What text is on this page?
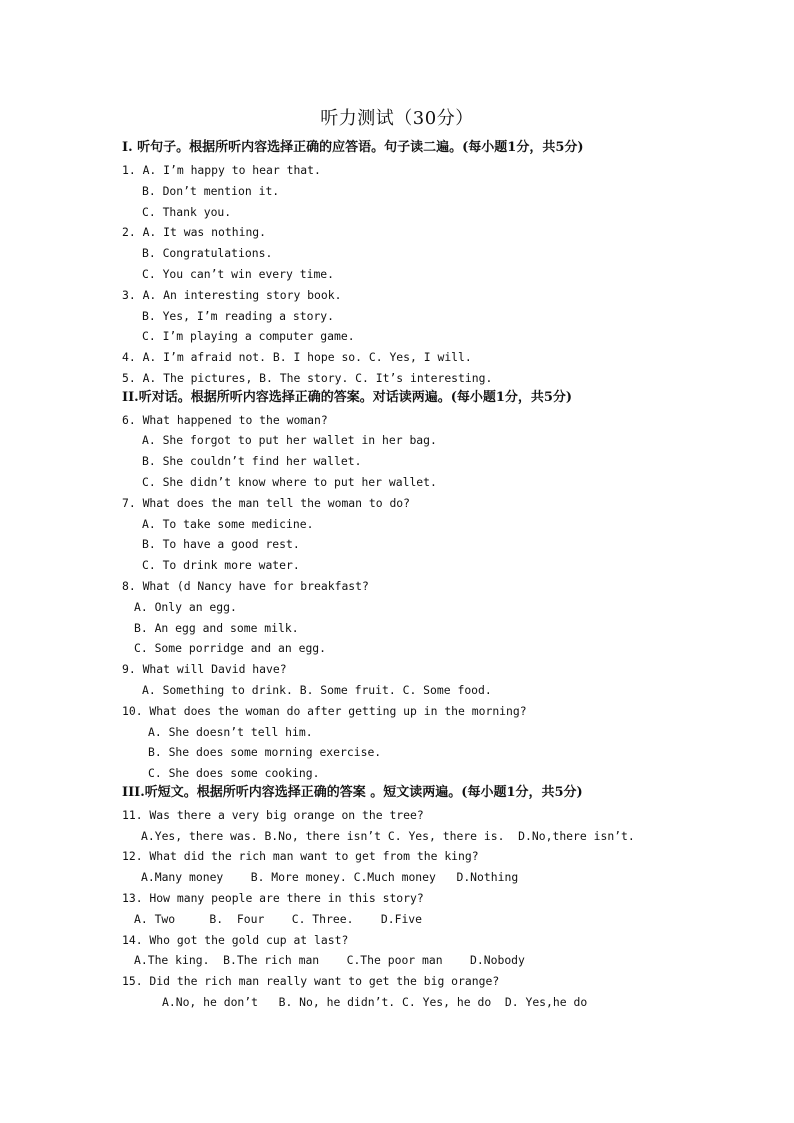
听力测试（30分）
I. 听句子。根据所听内容选择正确的应答语。句子读二遍。(每小题1分，共5分)
1. A. I’m happy to hear that.
B. Don’t mention it.
C. Thank you.
2. A. It was nothing.
B. Congratulations.
C. You can’t win every time.
3. A. An interesting story book.
B. Yes, I’m reading a story.
C. I’m playing a computer game.
4. A. I’m afraid not. B. I hope so. C. Yes, I will.
5. A. The pictures, B. The story. C. It’s interesting.
II.听对话。根据所听内容选择正确的答案。对话读两遍。(每小题1分，共5分)
6. What happened to the woman?
A. She forgot to put her wallet in her bag.
B. She couldn’t find her wallet.
C. She didn’t know where to put her wallet.
7. What does the man tell the woman to do?
A. To take some medicine.
B. To have a good rest.
C. To drink more water.
8. What (d Nancy have for breakfast?
A. Only an egg.
B. An egg and some milk.
C. Some porridge and an egg.
9. What will David have?
A. Something to drink. B. Some fruit. C. Some food.
10. What does the woman do after getting up in the morning?
A. She doesn’t tell him.
B. She does some morning exercise.
C. She does some cooking.
III.听短文。根据所听内容选择正确的答案 。短文读两遍。(每小题1分，共5分)
11. Was there a very big orange on the tree?
A.Yes, there was. B.No, there isn’t C. Yes, there is.  D.No,there isn’t.
12. What did the rich man want to get from the king?
A.Many money    B. More money. C.Much money   D.Nothing
13. How many people are there in this story?
A. Two     B.  Four    C. Three.    D.Five
14. Who got the gold cup at last?
A.The king.  B.The rich man    C.The poor man    D.Nobody
15. Did the rich man really want to get the big orange?
A.No, he don’t   B. No, he didn’t. C. Yes, he do  D. Yes,he do
